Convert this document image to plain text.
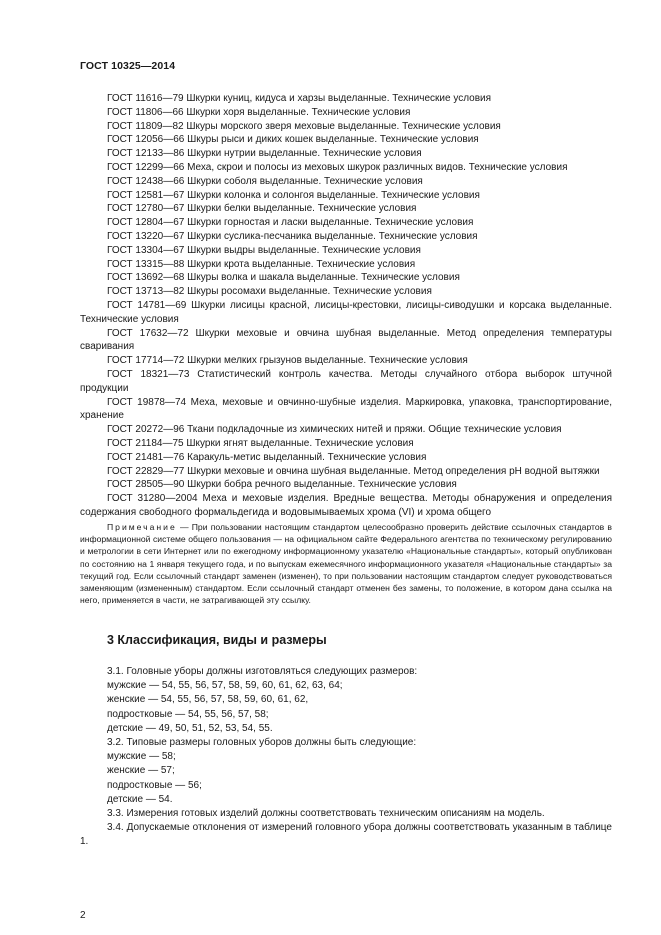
ГОСТ 10325—2014

ГОСТ 11616—79 Шкурки куниц, кидуса и харзы выделанные. Технические условия

ГОСТ 11806—66 Шкурки хоря выделанные. Технические условия

ГОСТ 11809—82 Шкуры морского зверя меховые выделанные. Технические условия

ГОСТ 12056—66 Шкуры рыси и диких кошек выделанные. Технические условия

ГОСТ 12133—86 Шкурки нутрии выделанные. Технические условия

ГОСТ 12299—66 Меха, скрои и полосы из меховых шкурок различных видов. Технические условия

ГОСТ 12438—66 Шкурки соболя выделанные. Технические условия

ГОСТ 12581—67 Шкурки колонка и солонгоя выделанные. Технические условия

ГОСТ 12780—67 Шкурки белки выделанные. Технические условия

ГОСТ 12804—67 Шкурки горностая и ласки выделанные. Технические условия

ГОСТ 13220—67 Шкурки суслика-песчаника выделанные. Технические условия

ГОСТ 13304—67 Шкурки выдры выделанные. Технические условия

ГОСТ 13315—88 Шкурки крота выделанные. Технические условия

ГОСТ 13692—68 Шкуры волка и шакала выделанные. Технические условия

ГОСТ 13713—82 Шкуры росомахи выделанные. Технические условия

ГОСТ 14781—69 Шкурки лисицы красной, лисицы-крестовки, лисицы-сиводушки и корсака выделанные. Технические условия

ГОСТ 17632—72 Шкурки меховые и овчина шубная выделанные. Метод определения температуры сваривания

ГОСТ 17714—72 Шкурки мелких грызунов выделанные. Технические условия

ГОСТ 18321—73 Статистический контроль качества. Методы случайного отбора выборок штучной продукции

ГОСТ 19878—74 Меха, меховые и овчинно-шубные изделия. Маркировка, упаковка, транспортирование, хранение

ГОСТ 20272—96 Ткани подкладочные из химических нитей и пряжи. Общие технические условия

ГОСТ 21184—75 Шкурки ягнят выделанные. Технические условия

ГОСТ 21481—76 Каракуль-метис выделанный. Технические условия

ГОСТ 22829—77 Шкурки меховые и овчина шубная выделанные. Метод определения pH водной вытяжки

ГОСТ 28505—90 Шкурки бобра речного выделанные. Технические условия

ГОСТ 31280—2004 Меха и меховые изделия. Вредные вещества. Методы обнаружения и определения содержания свободного формальдегида и водовымываемых хрома (VI) и хрома общего

Примечание — При пользовании настоящим стандартом целесообразно проверить действие ссылочных стандартов в информационной системе общего пользования — на официальном сайте Федерального агентства по техническому регулированию и метрологии в сети Интернет или по ежегодному информационному указателю «Национальные стандарты», который опубликован по состоянию на 1 января текущего года, и по выпускам ежемесячного информационного указателя «Национальные стандарты» за текущий год. Если ссылочный стандарт заменен (изменен), то при пользовании настоящим стандартом следует руководствоваться заменяющим (измененным) стандартом. Если ссылочный стандарт отменен без замены, то положение, в котором дана ссылка на него, применяется в части, не затрагивающей эту ссылку.
3 Классификация, виды и размеры

3.1. Головные уборы должны изготовляться следующих размеров:

мужские — 54, 55, 56, 57, 58, 59, 60, 61, 62, 63, 64;

женские — 54, 55, 56, 57, 58, 59, 60, 61, 62,

подростковые — 54, 55, 56, 57, 58;

детские — 49, 50, 51, 52, 53, 54, 55.

3.2. Типовые размеры головных уборов должны быть следующие:

мужские — 58;

женские — 57;

подростковые — 56;

детские — 54.

3.3. Измерения готовых изделий должны соответствовать техническим описаниям на модель.

3.4. Допускаемые отклонения от измерений головного убора должны соответствовать указанным в таблице 1.

2
